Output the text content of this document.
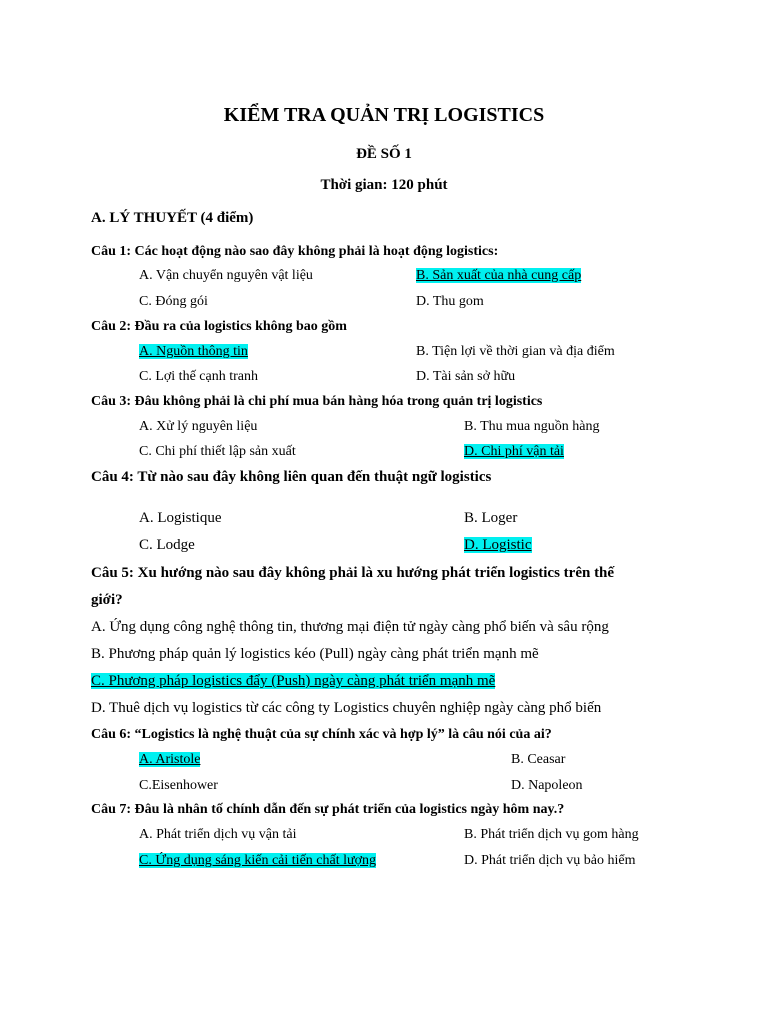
KIỂM TRA QUẢN TRỊ LOGISTICS
ĐỀ SỐ 1
Thời gian: 120 phút
A. LÝ THUYẾT (4 điểm)
Câu 1: Các hoạt động nào sao đây không phải là hoạt động logistics:
A. Vận chuyển nguyên vật liệu	B. Sản xuất của nhà cung cấp
C. Đóng gói	D. Thu gom
Câu 2: Đầu ra của logistics không bao gồm
A. Nguồn thông tin	B. Tiện lợi về thời gian và địa điểm
C. Lợi thế cạnh tranh	D. Tài sản sở hữu
Câu 3: Đâu không phải là chi phí mua bán hàng hóa trong quản trị logistics
A. Xử lý nguyên liệu	B. Thu mua nguồn hàng
C. Chi phí thiết lập sản xuất	D. Chi phí vận tải
Câu 4: Từ nào sau đây không liên quan đến thuật ngữ logistics
A. Logistique	B. Loger
C. Lodge	D. Logistic
Câu 5: Xu hướng nào sau đây không phải là xu hướng phát triển logistics trên thế
giới?
A. Ứng dụng công nghệ thông tin, thương mại điện tử ngày càng phổ biến và sâu rộng
B. Phương pháp quản lý logistics kéo (Pull) ngày càng phát triển mạnh mẽ
C. Phương pháp logistics đẩy (Push) ngày càng phát triển mạnh mẽ
D. Thuê dịch vụ logistics từ các công ty Logistics chuyên nghiệp ngày càng phổ biến
Câu 6: “Logistics là nghệ thuật của sự chính xác và hợp lý” là câu nói của ai?
A. Aristole	B. Ceasar
C.Eisenhower	D. Napoleon
Câu 7: Đâu là nhân tố chính dẫn đến sự phát triển của logistics ngày hôm nay.?
A. Phát triển dịch vụ vận tải	B. Phát triển dịch vụ gom hàng
C. Ứng dụng sáng kiến cải tiến chất lượng	D. Phát triển dịch vụ bảo hiểm
